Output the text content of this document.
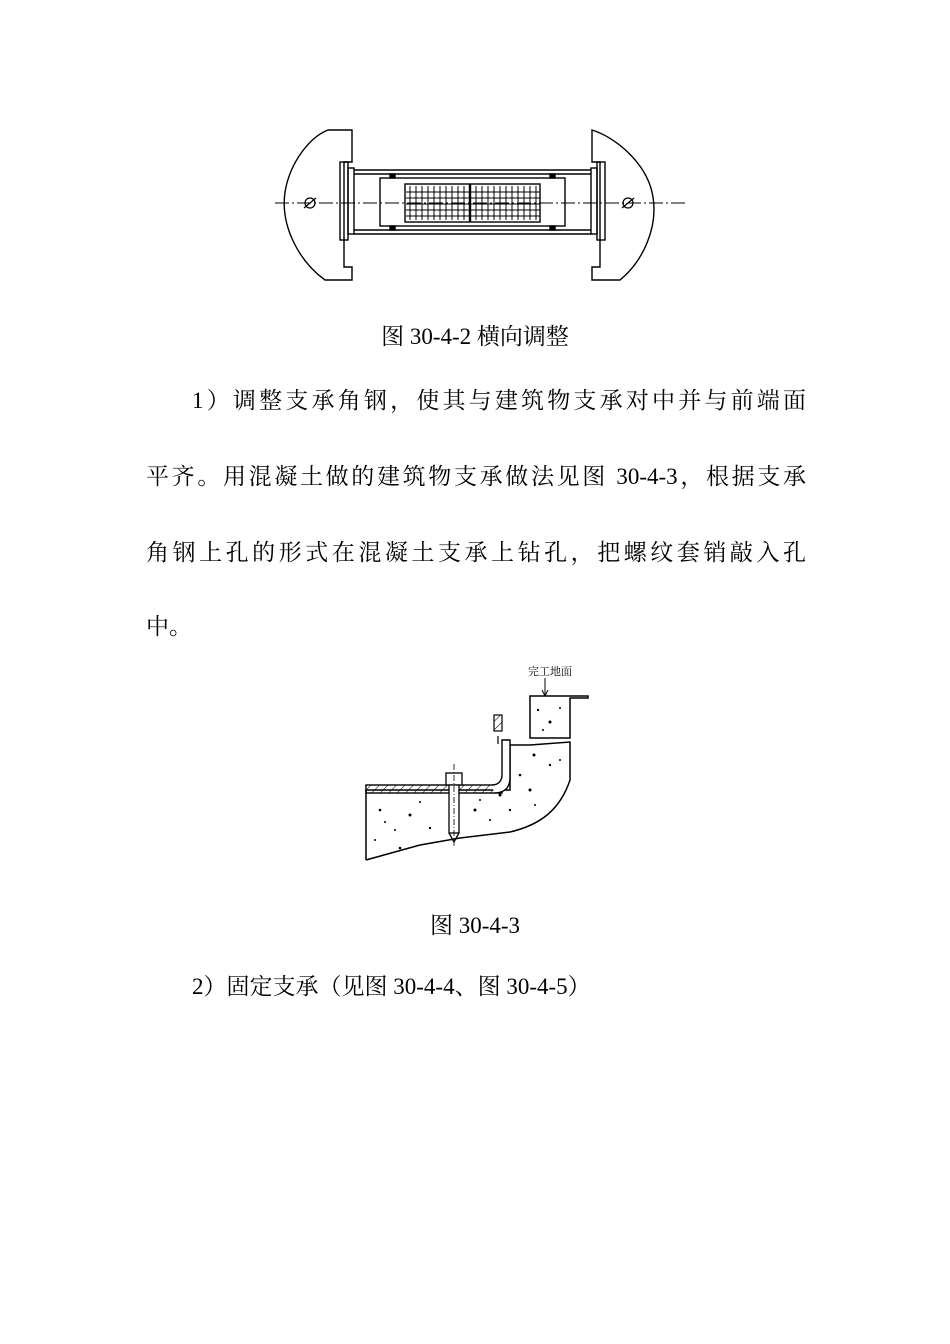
图 30-4-2 横向调整
1）调整支承角钢，使其与建筑物支承对中并与前端面
平齐。用混凝土做的建筑物支承做法见图 30-4-3，根据支承
角钢上孔的形式在混凝土支承上钻孔，把螺纹套销敲入孔
中。
完工地面
图 30-4-3
2）固定支承（见图 30-4-4、图 30-4-5）
